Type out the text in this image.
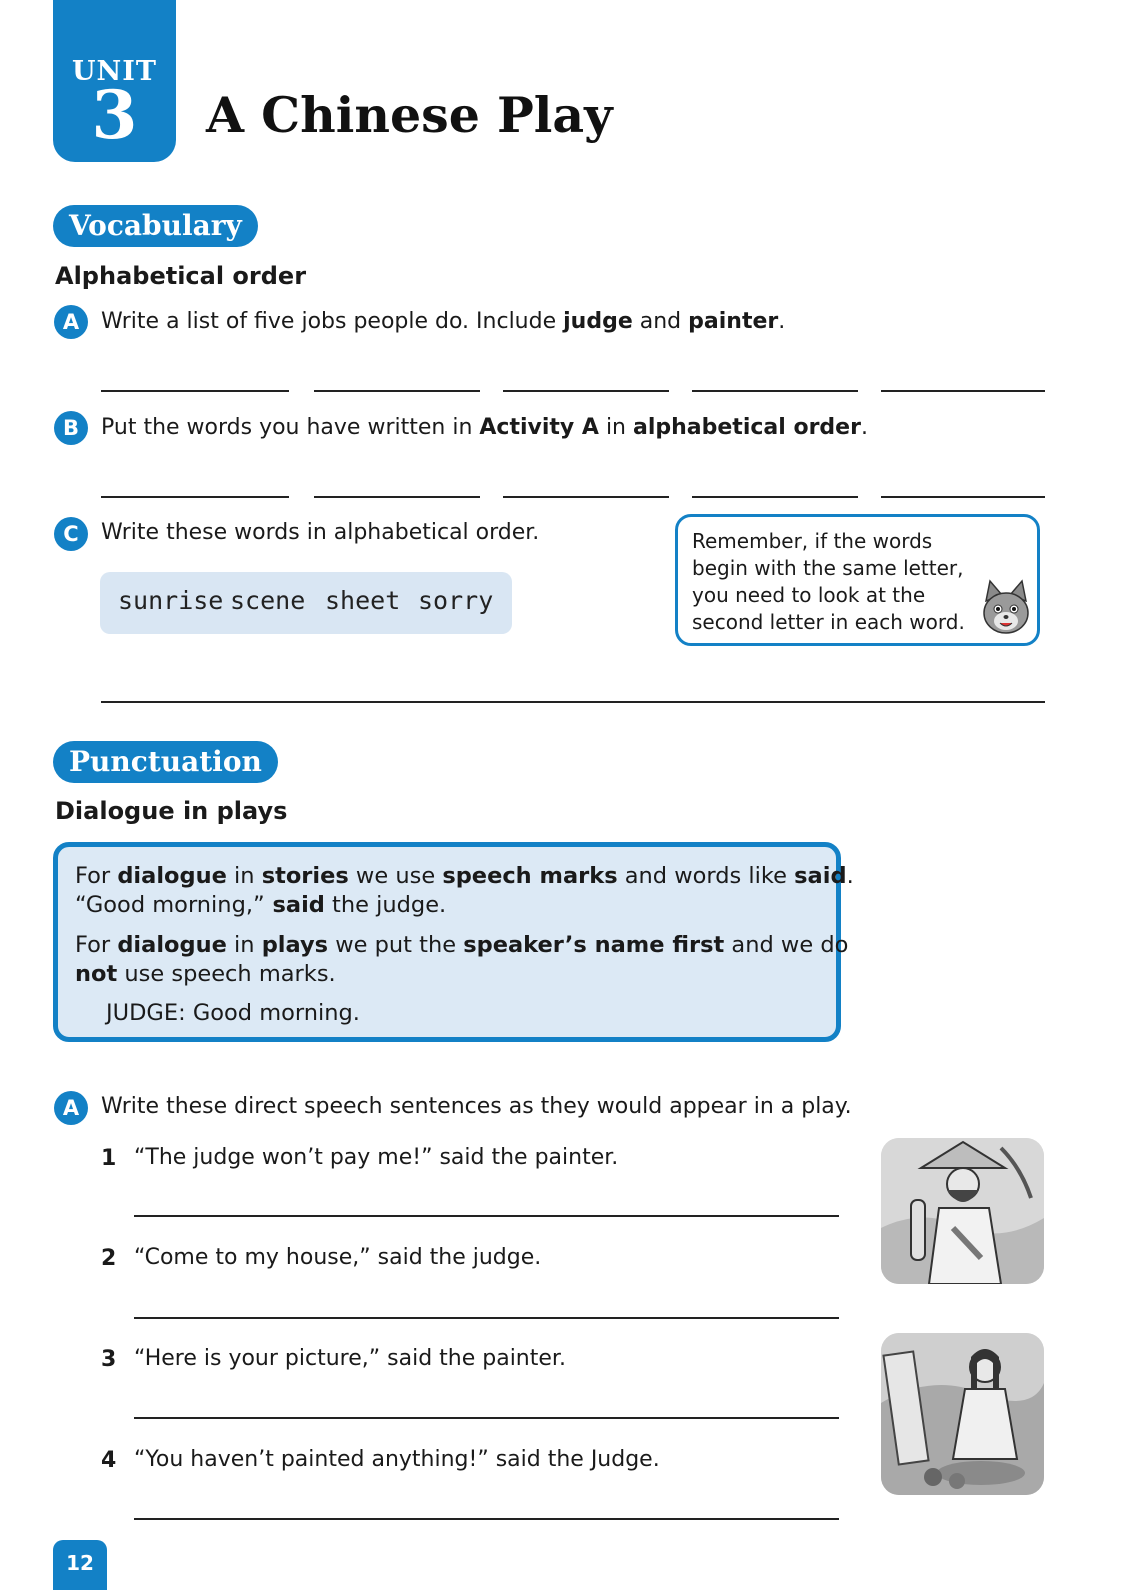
UNIT
3	A Chinese Play
Vocabulary
Alphabetical order
A Write a list of five jobs people do. Include judge and painter.
B	Put the words you have written in Activity A in alphabetical order.
C	Write these words in alphabetical order.
sunrise scene sheet sorry
Remember, if the words
begin with the same letter,
you need to look at the
second letter in each word.
Punctuation
Dialogue in plays
For dialogue in stories we use speech marks and words like said.
“Good morning,” said the judge.
For dialogue in plays we put the speaker’s name first and we do
not use speech marks.
JUDGE: Good morning.
A Write these direct speech sentences as they would appear in a play.
1 “The judge won’t pay me!” said the painter.
2 “Come to my house,” said the judge.
3 “Here is your picture,” said the painter.
4 “You haven’t painted anything!” said the Judge.
12
